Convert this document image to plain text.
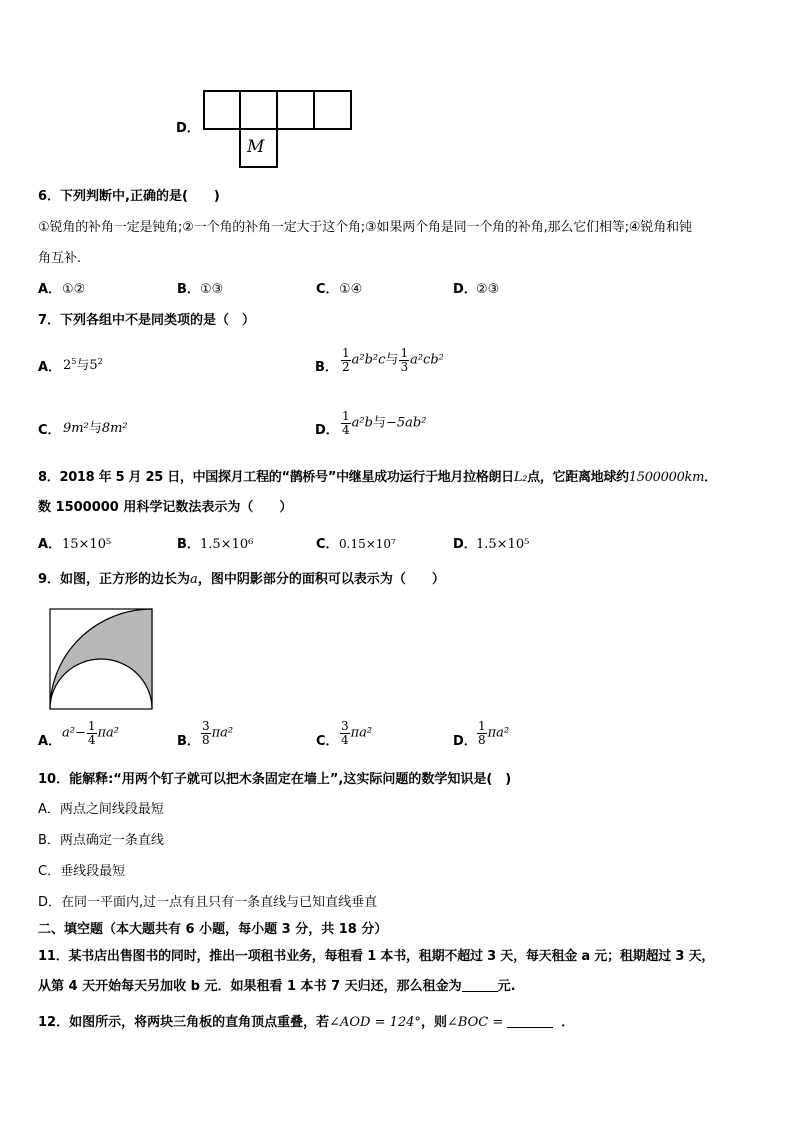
D．
M
6．下列判断中,正确的是(　　)
①锐角的补角一定是钝角;②一个角的补角一定大于这个角;③如果两个角是同一个角的补角,那么它们相等;④锐角和钝
角互补.
A． ①②	B． ①③	C． ①④	D． ②③
7．下列各组中不是同类项的是（　）
A． $2^5$与$5^2$	B． $\frac{1}{2} a^2b^2c$与 $\frac{1}{3} a^2cb^2$
C． 9m²与8m²	D． $\frac{1}{4} a^2b$与−5ab²
8．2018 年 5 月 25 日，中国探月工程的“鹊桥号”中继星成功运行于地月拉格朗日L₂点，它距离地球约1500000km．
数 1500000 用科学记数法表示为（　　）
A． 15×10⁵	B． 1.5×10⁶	C． 0.15×10⁷	D． 1.5×10⁵
9．如图，正方形的边长为a，图中阴影部分的面积可以表示为（　　）
A．
$a^2- \frac{1}{4} \pi a^2$
B． $\frac{3}{8} \pi a^2$
C． $\frac{3}{4} \pi a^2$
D． $\frac{1}{8} \pi a^2$
10．能解释:“用两个钉子就可以把木条固定在墙上”,这实际问题的数学知识是(　)
A．两点之间线段最短
B．两点确定一条直线
C．垂线段最短
D．在同一平面内,过一点有且只有一条直线与已知直线垂直
二、填空题（本大题共有 6 小题，每小题 3 分，共 18 分）
11．某书店出售图书的同时，推出一项租书业务，每租看 1 本书，租期不超过 3 天，每天租金 a 元；租期超过 3 天，
从第 4 天开始每天另加收 b 元．如果租看 1 本书 7 天归还，那么租金为	元.
12．如图所示，将两块三角板的直角顶点重叠，若∠AOD = 124°，则∠BOC =	．
